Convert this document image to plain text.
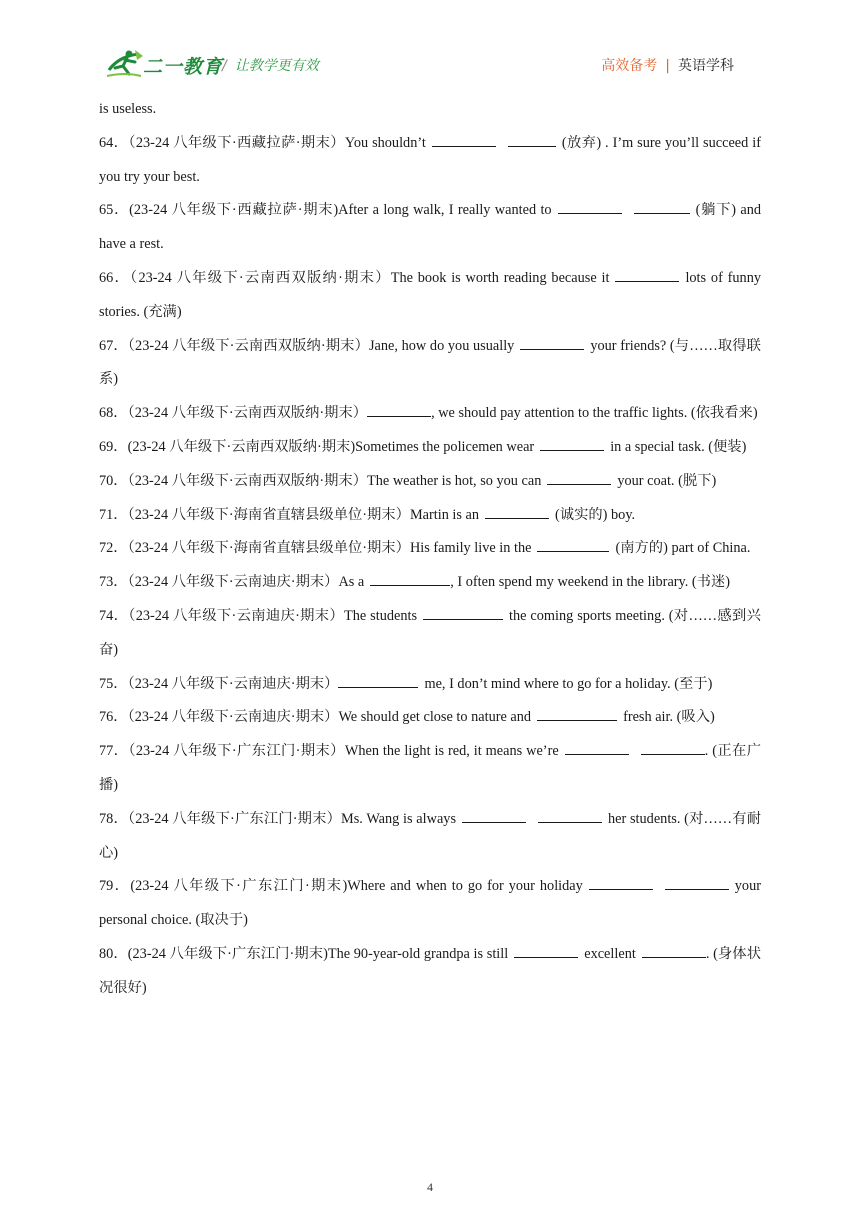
二一教育
/ 让教学更有效	高效备考 | 英语学科
is useless.
64．（23-24 八年级下·西藏拉萨·期末）You shouldn’t	(放弃) . I’m sure you’ll succeed if you try your best.
65．(23-24 八年级下·西藏拉萨·期末)After a long walk, I really wanted to	(躺下) and have a rest.
66．（23-24 八年级下·云南西双版纳·期末）The book is worth reading because it	lots of funny stories. (充满)
67．（23-24 八年级下·云南西双版纳·期末）Jane, how do you usually	your friends? (与……取得联系)
68．（23-24 八年级下·云南西双版纳·期末）	, we should pay attention to the traffic lights. (依我看来)
69．(23-24 八年级下·云南西双版纳·期末)Sometimes the policemen wear	in a special task. (便装)
70．（23-24 八年级下·云南西双版纳·期末）The weather is hot, so you can	your coat. (脱下)
71．（23-24 八年级下·海南省直辖县级单位·期末）Martin is an	(诚实的) boy.
72．（23-24 八年级下·海南省直辖县级单位·期末）His family live in the	(南方的) part of China.
73．（23-24 八年级下·云南迪庆·期末）As a	, I often spend my weekend in the library. (书迷)
74．（23-24 八年级下·云南迪庆·期末）The students	the coming sports meeting. (对……感到兴奋)
75．（23-24 八年级下·云南迪庆·期末）	me, I don’t mind where to go for a holiday. (至于)
76．（23-24 八年级下·云南迪庆·期末）We should get close to nature and	fresh air. (吸入)
77．（23-24 八年级下·广东江门·期末）When the light is red, it means we’re	. (正在广播)
78．（23-24 八年级下·广东江门·期末）Ms. Wang is always	her students. (对……有耐心)
79．(23-24 八年级下·广东江门·期末)Where and when to go for your holiday	your personal choice. (取决于)
80．(23-24 八年级下·广东江门·期末)The 90-year-old grandpa is still	excellent	. (身体状况很好)
4
